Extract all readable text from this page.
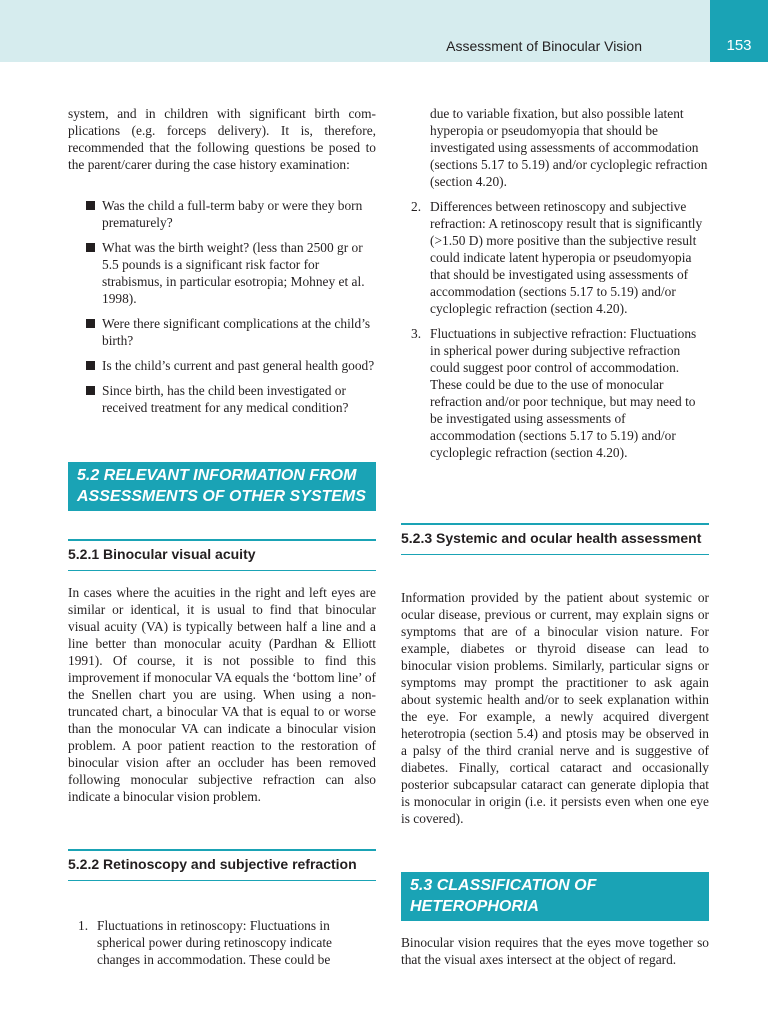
Assessment of Binocular Vision	153

system, and in children with significant birth complications (e.g. forceps delivery). It is, therefore, recommended that the following questions be posed to the parent/carer during the case history examination:

Was the child a full-term baby or were they born prematurely?
What was the birth weight? (less than 2500 gr or 5.5 pounds is a significant risk factor for strabismus, in particular esotropia; Mohney et al. 1998).
Were there significant complications at the child’s birth?
Is the child’s current and past general health good?
Since birth, has the child been investigated or received treatment for any medical condition?
5.2 RELEVANT INFORMATION FROM ASSESSMENTS OF OTHER SYSTEMS
5.2.1 Binocular visual acuity

In cases where the acuities in the right and left eyes are similar or identical, it is usual to find that binocular visual acuity (VA) is typically between half a line and a line better than monocular acuity (Pardhan & Elliott 1991). Of course, it is not possible to find this improvement if monocular VA equals the ‘bottom line’ of the Snellen chart you are using. When using a non-truncated chart, a binocular VA that is equal to or worse than the monocular VA can indicate a binocular vision problem. A poor patient reaction to the restoration of binocular vision after an occluder has been removed following monocular subjective refraction can also indicate a binocular vision problem.

5.2.2 Retinoscopy and subjective refraction
1. Fluctuations in retinoscopy: Fluctuations in spherical power during retinoscopy indicate changes in accommodation. These could be
due to variable fixation, but also possible latent hyperopia or pseudomyopia that should be investigated using assessments of accommodation (sections 5.17 to 5.19) and/or cycloplegic refraction (section 4.20).
2. Differences between retinoscopy and subjective refraction: A retinoscopy result that is significantly (>1.50 D) more positive than the subjective result could indicate latent hyperopia or pseudomyopia that should be investigated using assessments of accommodation (sections 5.17 to 5.19) and/or cycloplegic refraction (section 4.20).
3. Fluctuations in subjective refraction: Fluctuations in spherical power during subjective refraction could suggest poor control of accommodation. These could be due to the use of monocular refraction and/or poor technique, but may need to be investigated using assessments of accommodation (sections 5.17 to 5.19) and/or cycloplegic refraction (section 4.20).
5.2.3 Systemic and ocular health assessment

Information provided by the patient about systemic or ocular disease, previous or current, may explain signs or symptoms that are of a binocular vision nature. For example, diabetes or thyroid disease can lead to binocular vision problems. Similarly, particular signs or symptoms may prompt the practitioner to ask again about systemic health and/or to seek explanation within the eye. For example, a newly acquired divergent heterotropia (section 5.4) and ptosis may be observed in a palsy of the third cranial nerve and is suggestive of diabetes. Finally, cortical cataract and occasionally posterior subcapsular cataract can generate diplopia that is monocular in origin (i.e. it persists even when one eye is covered).

5.3 CLASSIFICATION OF HETEROPHORIA

Binocular vision requires that the eyes move together so that the visual axes intersect at the object of regard.
